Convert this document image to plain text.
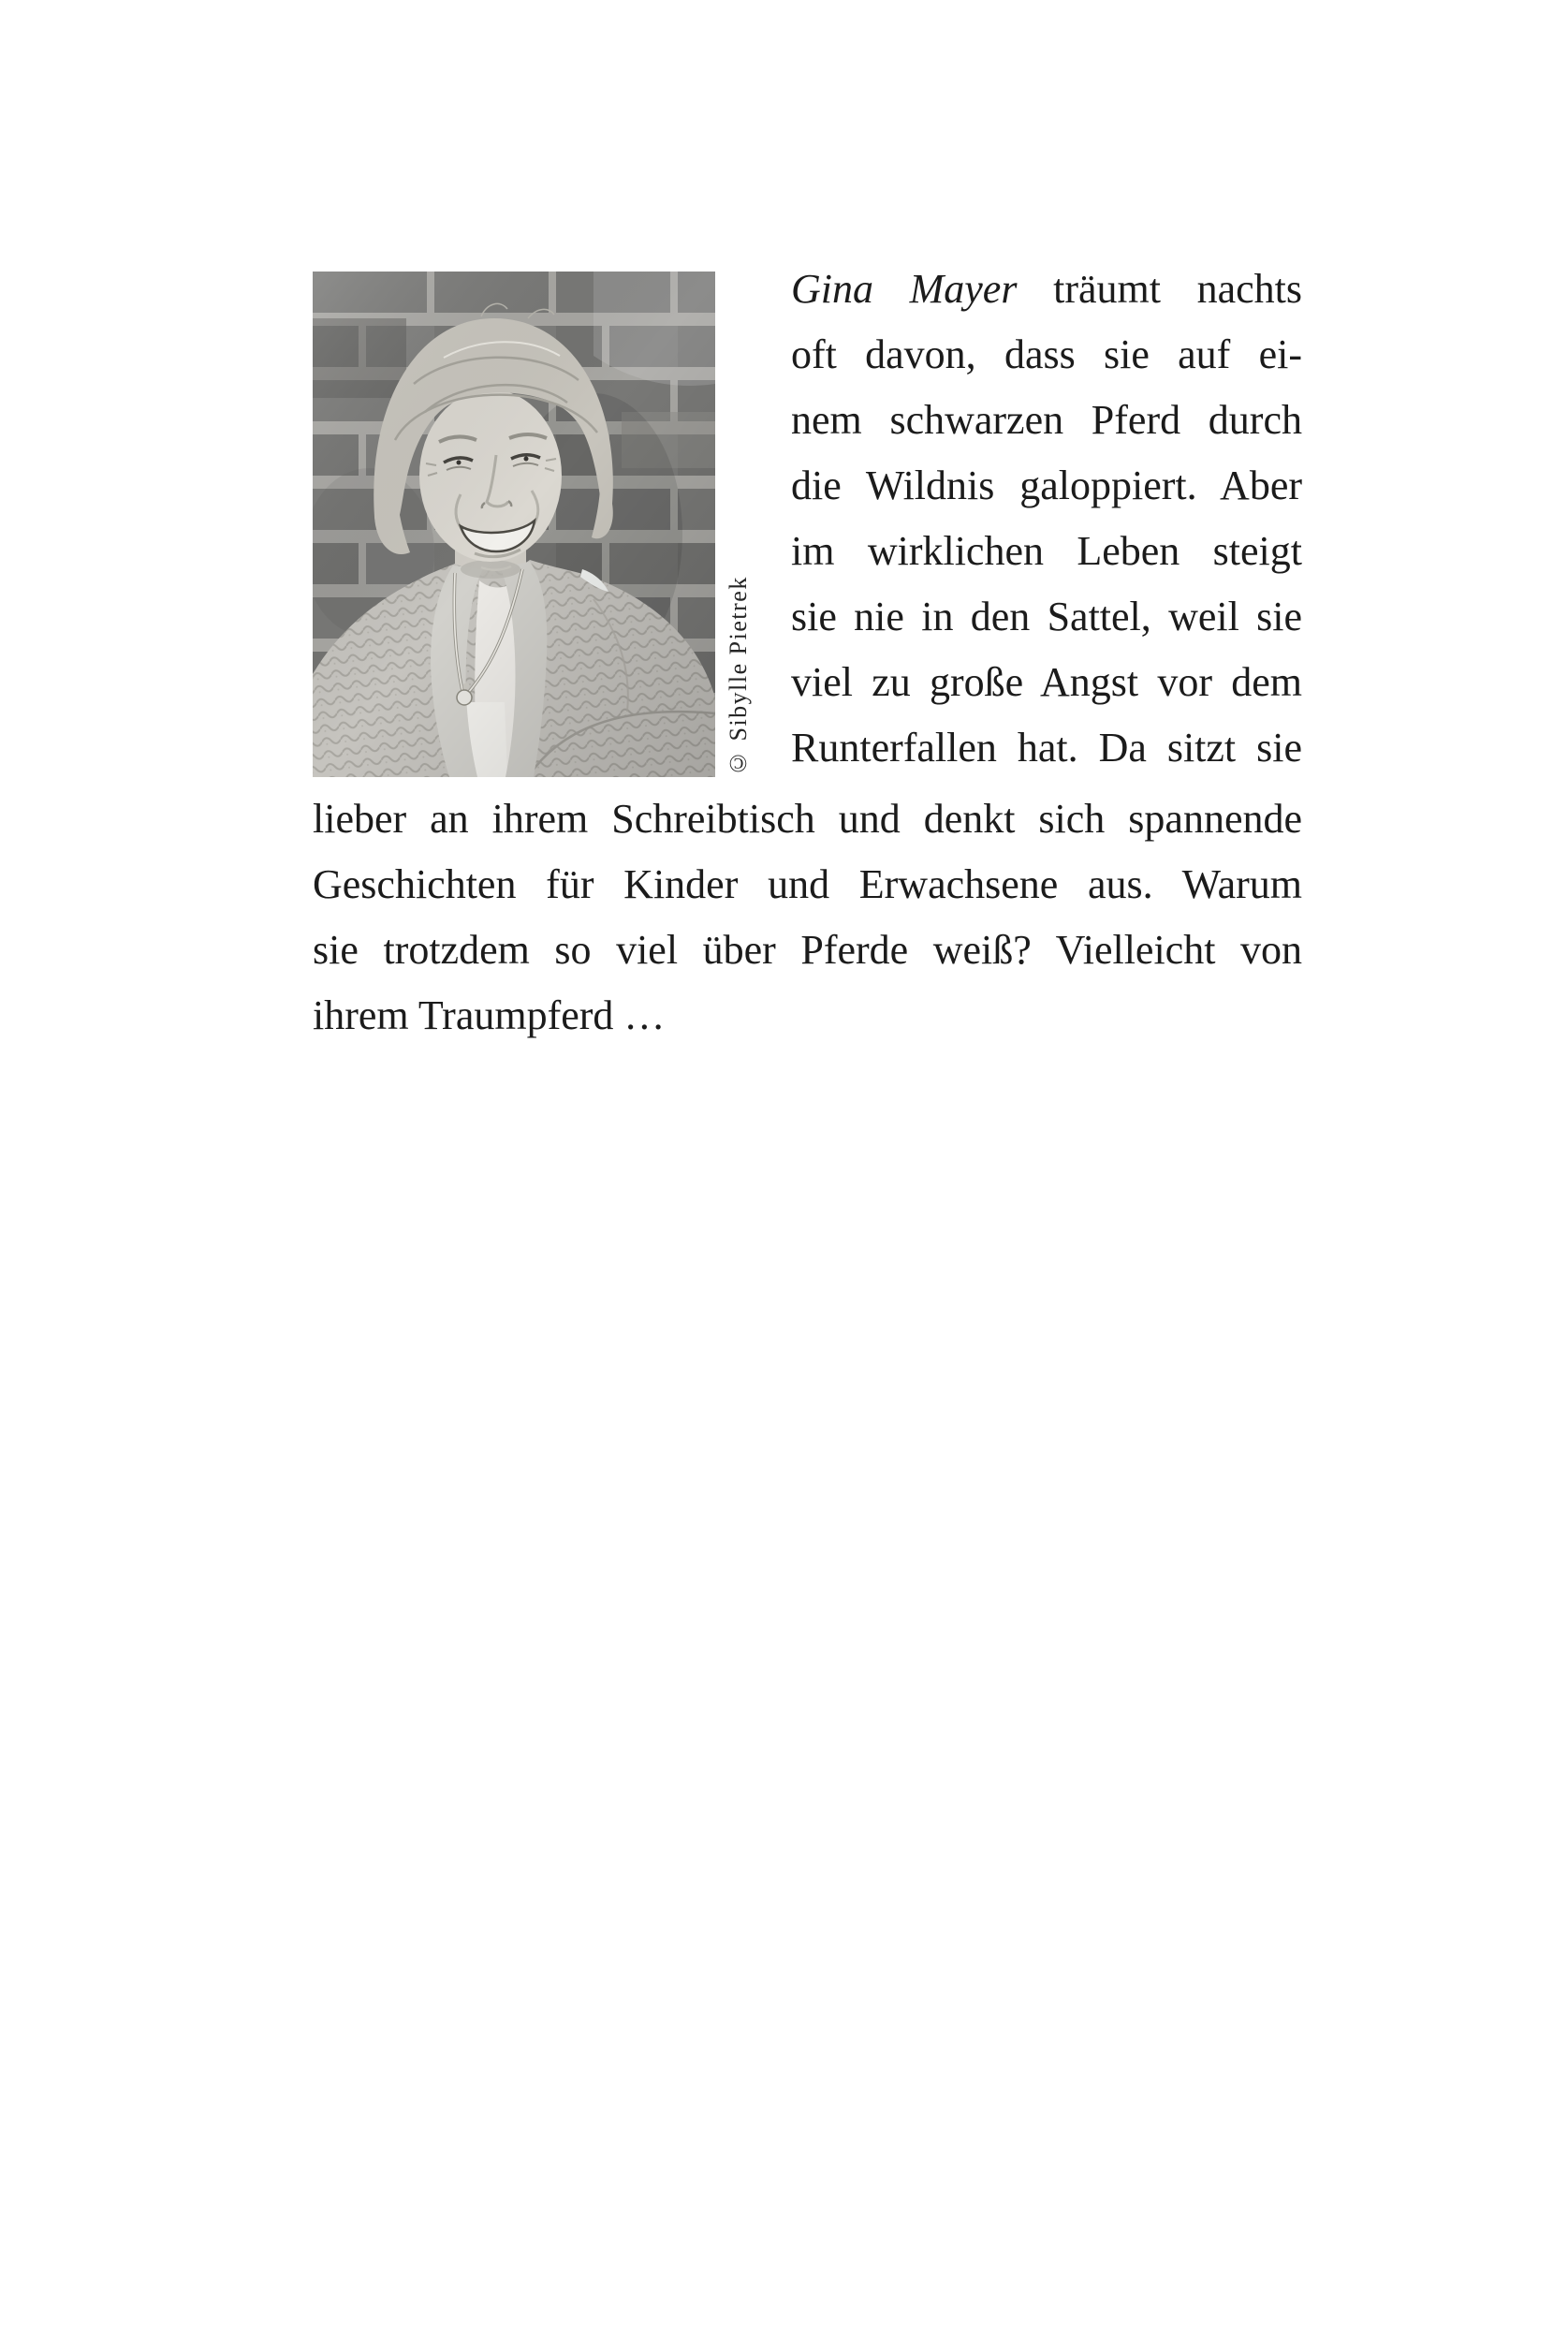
© Sibylle Pietrek
Gina Mayer träumt nachts
oft davon, dass sie auf ei-
nem schwarzen Pferd durch
die Wildnis galoppiert. Aber
im wirklichen Leben steigt
sie nie in den Sattel, weil sie
viel zu große Angst vor dem
Runterfallen hat. Da sitzt sie
lieber an ihrem Schreibtisch und denkt sich spannende
Geschichten für Kinder und Erwachsene aus. Warum
sie trotzdem so viel über Pferde weiß? Vielleicht von
ihrem Traumpferd …
